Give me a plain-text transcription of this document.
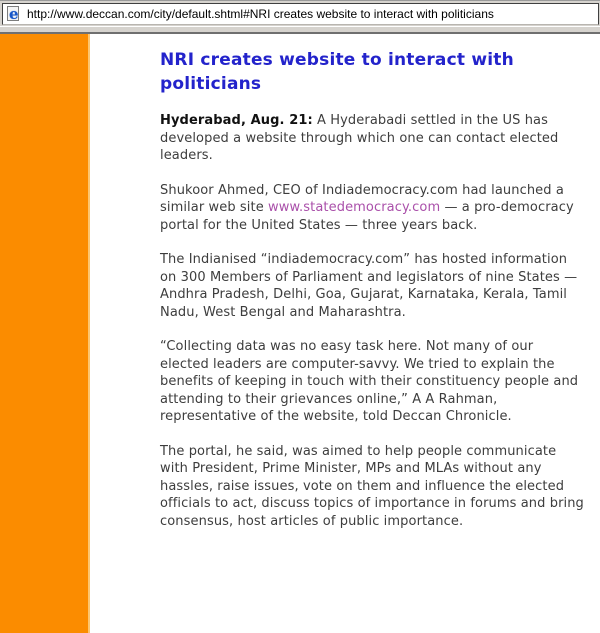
e http://www.deccan.com/city/default.shtml#NRI creates website to interact with politicians
NRI creates website to interact with politicians

Hyderabad, Aug. 21: A Hyderabadi settled in the US has developed a website through which one can contact elected leaders.

Shukoor Ahmed, CEO of Indiademocracy.com had launched a similar web site www.statedemocracy.com — a pro-democracy portal for the United States — three years back.

The Indianised “indiademocracy.com” has hosted information on 300 Members of Parliament and legislators of nine States — Andhra Pradesh, Delhi, Goa, Gujarat, Karnataka, Kerala, Tamil Nadu, West Bengal and Maharashtra.

“Collecting data was no easy task here. Not many of our elected leaders are computer-savvy. We tried to explain the benefits of keeping in touch with their constituency people and attending to their grievances online,” A A Rahman, representative of the website, told Deccan Chronicle.

The portal, he said, was aimed to help people communicate with President, Prime Minister, MPs and MLAs without any hassles, raise issues, vote on them and influence the elected officials to act, discuss topics of importance in forums and bring consensus, host articles of public importance.
